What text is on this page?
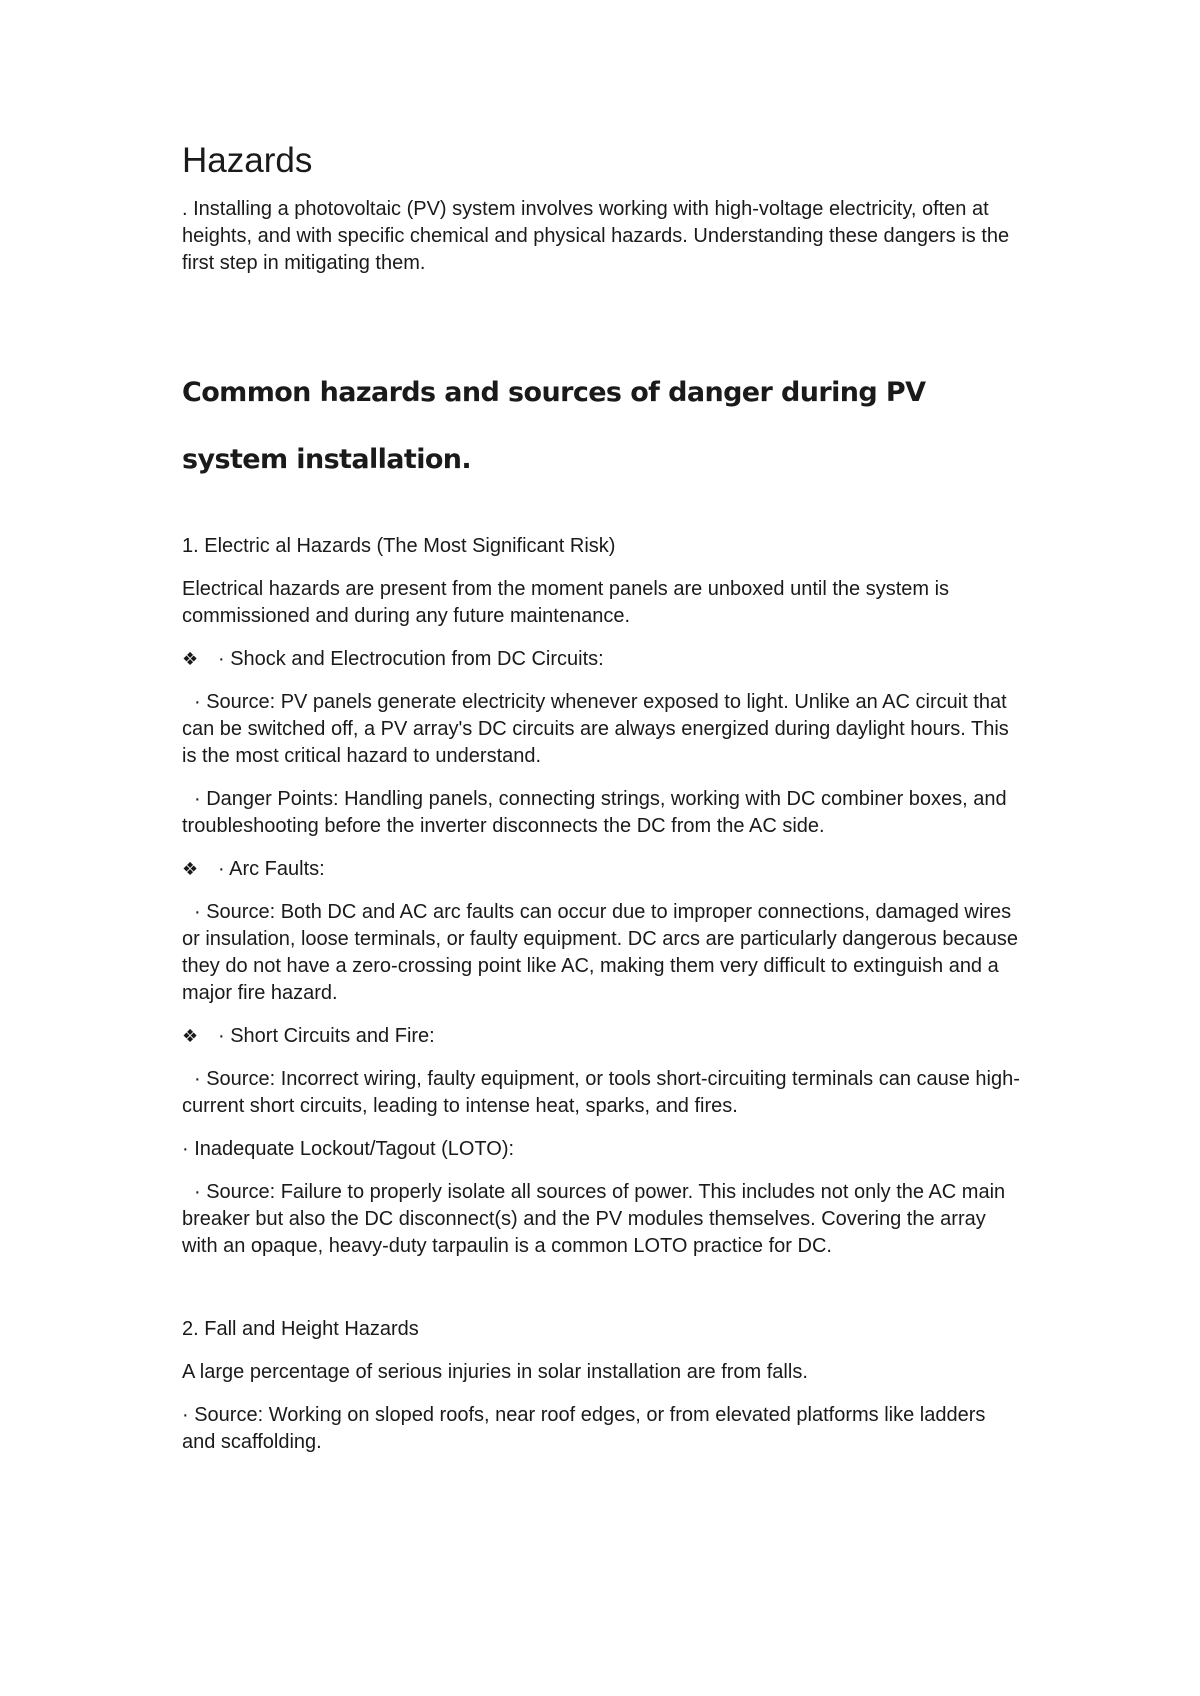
Hazards

. Installing a photovoltaic (PV) system involves working with high-voltage electricity, often at heights, and with specific chemical and physical hazards. Understanding these dangers is the first step in mitigating them.

Common hazards and sources of danger during PV system installation.

1. Electric al Hazards (The Most Significant Risk)

Electrical hazards are present from the moment panels are unboxed until the system is commissioned and during any future maintenance.

❖ · Shock and Electrocution from DC Circuits:

· Source: PV panels generate electricity whenever exposed to light. Unlike an AC circuit that can be switched off, a PV array's DC circuits are always energized during daylight hours. This is the most critical hazard to understand.

· Danger Points: Handling panels, connecting strings, working with DC combiner boxes, and troubleshooting before the inverter disconnects the DC from the AC side.

❖ · Arc Faults:

· Source: Both DC and AC arc faults can occur due to improper connections, damaged wires or insulation, loose terminals, or faulty equipment. DC arcs are particularly dangerous because they do not have a zero-crossing point like AC, making them very difficult to extinguish and a major fire hazard.

❖ · Short Circuits and Fire:

· Source: Incorrect wiring, faulty equipment, or tools short-circuiting terminals can cause high-current short circuits, leading to intense heat, sparks, and fires.

· Inadequate Lockout/Tagout (LOTO):

· Source: Failure to properly isolate all sources of power. This includes not only the AC main breaker but also the DC disconnect(s) and the PV modules themselves. Covering the array with an opaque, heavy-duty tarpaulin is a common LOTO practice for DC.

2. Fall and Height Hazards

A large percentage of serious injuries in solar installation are from falls.

· Source: Working on sloped roofs, near roof edges, or from elevated platforms like ladders and scaffolding.
